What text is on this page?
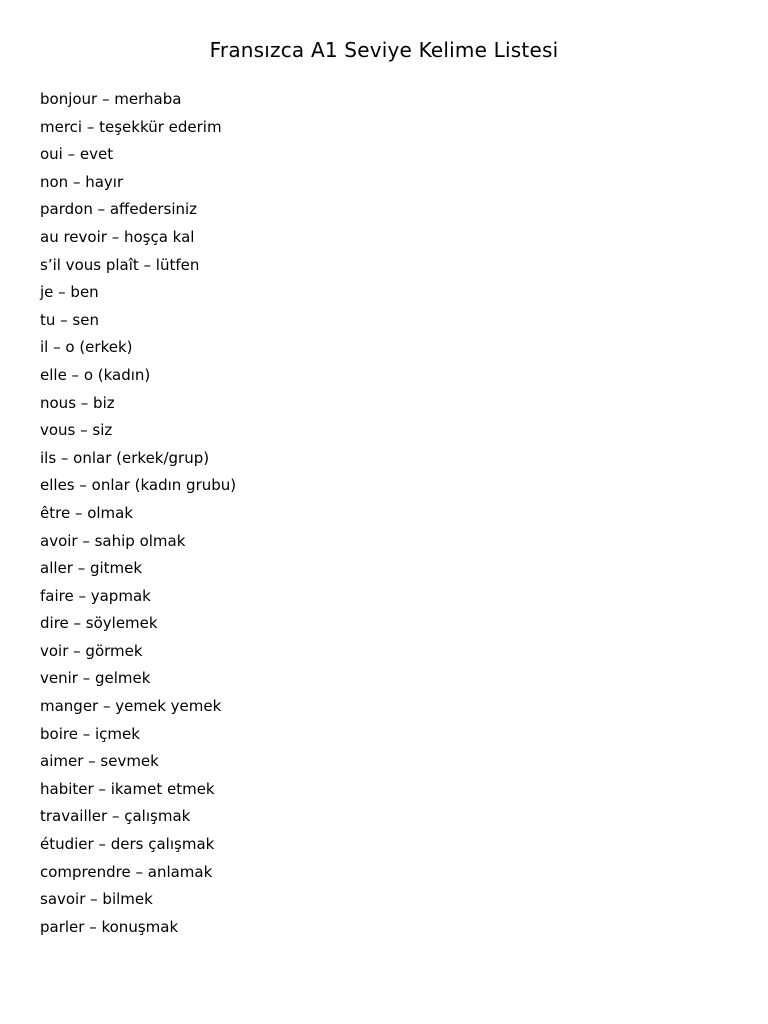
Fransızca A1 Seviye Kelime Listesi
bonjour – merhaba
merci – teşekkür ederim
oui – evet
non – hayır
pardon – affedersiniz
au revoir – hoşça kal
s’il vous plaît – lütfen
je – ben
tu – sen
il – o (erkek)
elle – o (kadın)
nous – biz
vous – siz
ils – onlar (erkek/grup)
elles – onlar (kadın grubu)
être – olmak
avoir – sahip olmak
aller – gitmek
faire – yapmak
dire – söylemek
voir – görmek
venir – gelmek
manger – yemek yemek
boire – içmek
aimer – sevmek
habiter – ikamet etmek
travailler – çalışmak
étudier – ders çalışmak
comprendre – anlamak
savoir – bilmek
parler – konuşmak
